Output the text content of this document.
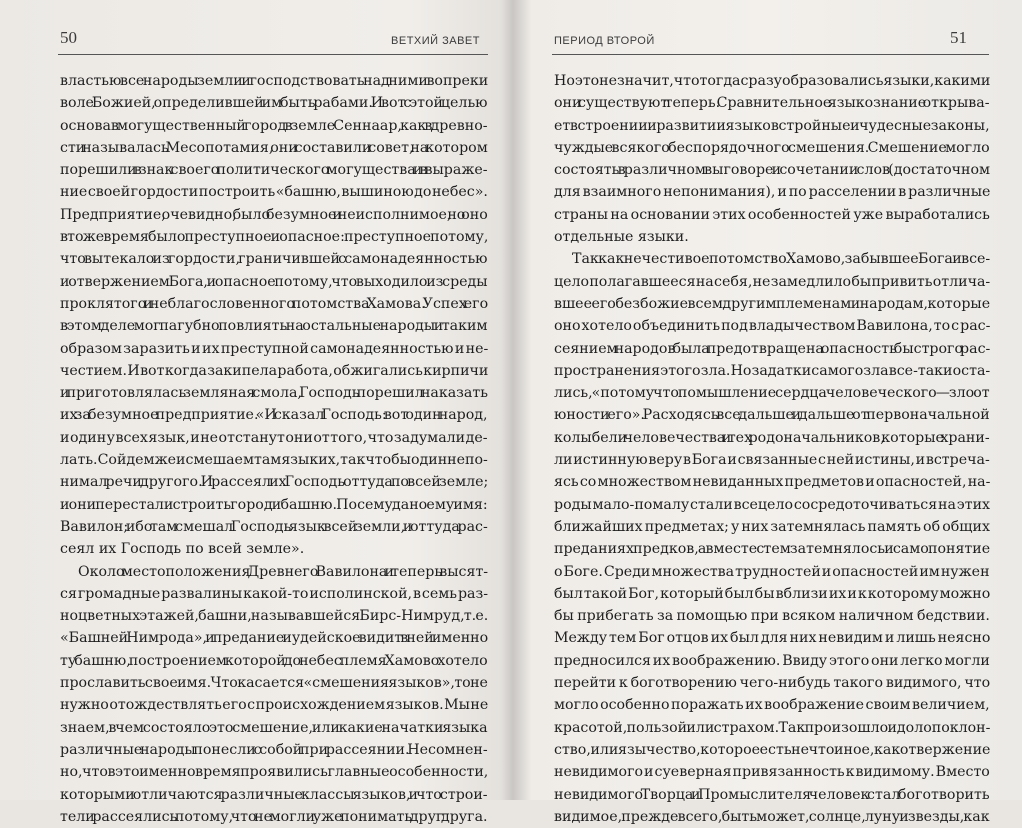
50	ВЕТХИЙ ЗАВЕТ
властью все народы земли и господствовать над ними вопреки
воле Божией, определившей им быть рабами. И вот с этой целью
основав могущественный город в земле Сеннаар, как в древно-
сти называлась Месопотамия, они составили совет, на котором
порешили в знак своего политического могущества и в выраже-
ние своей гордости построить «башню, вышиною до небес».
Предприятие, очевидно, было безумное и неисполнимое, но оно
в то же время было преступное и опасное: преступное потому,
что вытекало из гордости, граничившей с самонадеянностью
и отвержением Бога, и опасное потому, что выходило из среды
проклятого и неблагословенного потомства Хамова. Успех его
в этом деле мог пагубно повлиять на остальные народы и таким
образом заразить и их преступной самонадеянностью и не-
честием. И вот когда закипела работа, обжигались кирпичи
и приготовлялась земляная смола, Господь порешил наказать
их за безумное предприятие. «И сказал Господь: вот один народ,
и один у всех язык, и не отстанут они от того, что задумали де-
лать. Сойдем же и смешаем там язык их, так чтобы один не по-
нимал речи другого. И рассеял их Господь оттуда по всей земле;
и они перестали строить город и башню. Посему дано ему имя:
Вавилон; ибо там смешал Господь язык всей земли, и оттуда рас-
сеял их Господь по всей земле».
Около местоположения Древнего Вавилона и теперь высят-
ся громадные развалины какой-то исполинской, в семь раз-
ноцветных этажей, башни, называвшейся Бирс-Нимруд, т. е.
«Башней Нимрода», и предание иудейское видит в ней именно
ту башню, построением которой до небес племя Хамово хотело
прославить свое имя. Что касается «смешения языков», то не
нужно отождествлять его с происхождением языков. Мы не
знаем, в чем состояло это смешение, или какие начатки языка
различные народы понесли с собой при рассеянии. Несомнен-
но, что в это именно время проявились главные особенности,
которыми отличаются различные классы языков, и что строи-
тели рассеялись потому, что не могли уже понимать друг друга.
51
ПЕРИОД ВТОРОЙ
Но это не значит, что тогда сразу образовались языки, какими
они существуют теперь. Сравнительное языкознание открыва-
ет в строении и развитии языков стройные и чудесные законы,
чуждые всякого беспорядочного смешения. Смешение могло
состоять в различном выговоре и сочетании слов (достаточном
для взаимного непонимания), и по расселении в различные
страны на основании этих особенностей уже выработались
отдельные языки.
Так как нечестивое потомство Хамово, забывшее Бога и все-
цело полагавшееся на себя, не замедлило бы привить отлича-
вшее его безбожие всем другим племенам и народам, которые
оно хотело объединить под владычеством Вавилона, то с рас-
сеянием народов была предотвращена опасность быстрого рас-
пространения этого зла. Но задатки самого зла все-таки оста-
лись, «потому что помышление сердца человеческого — зло от
юности его». Расходясь все дальше и дальше от первоначальной
колыбели человечества и тех родоначальников, которые храни-
ли истинную веру в Бога и связанные с ней истины, и встреча-
ясь со множеством невиданных предметов и опасностей, на-
роды мало-помалу стали всецело сосредоточиваться на этих
ближайших предметах; у них затемнялась память об общих
преданиях предков, а вместе с тем затемнялось и само понятие
о Боге. Среди множества трудностей и опасностей им нужен
был такой Бог, который был бы вблизи их и к которому можно
бы прибегать за помощью при всяком наличном бедствии.
Между тем Бог отцов их был для них невидим и лишь неясно
предносился их воображению. Ввиду этого они легко могли
перейти к боготворению чего-нибудь такого видимого, что
могло особенно поражать их воображение своим величием,
красотой, пользой или страхом. Так произошло идолопоклон-
ство, или язычество, которое есть не что иное, как отвержение
невидимого и суеверная привязанность к видимому. Вместо
невидимого Творца и Промыслителя человек стал боготворить
видимое, прежде всего, быть может, солнце, луну и звезды, как
